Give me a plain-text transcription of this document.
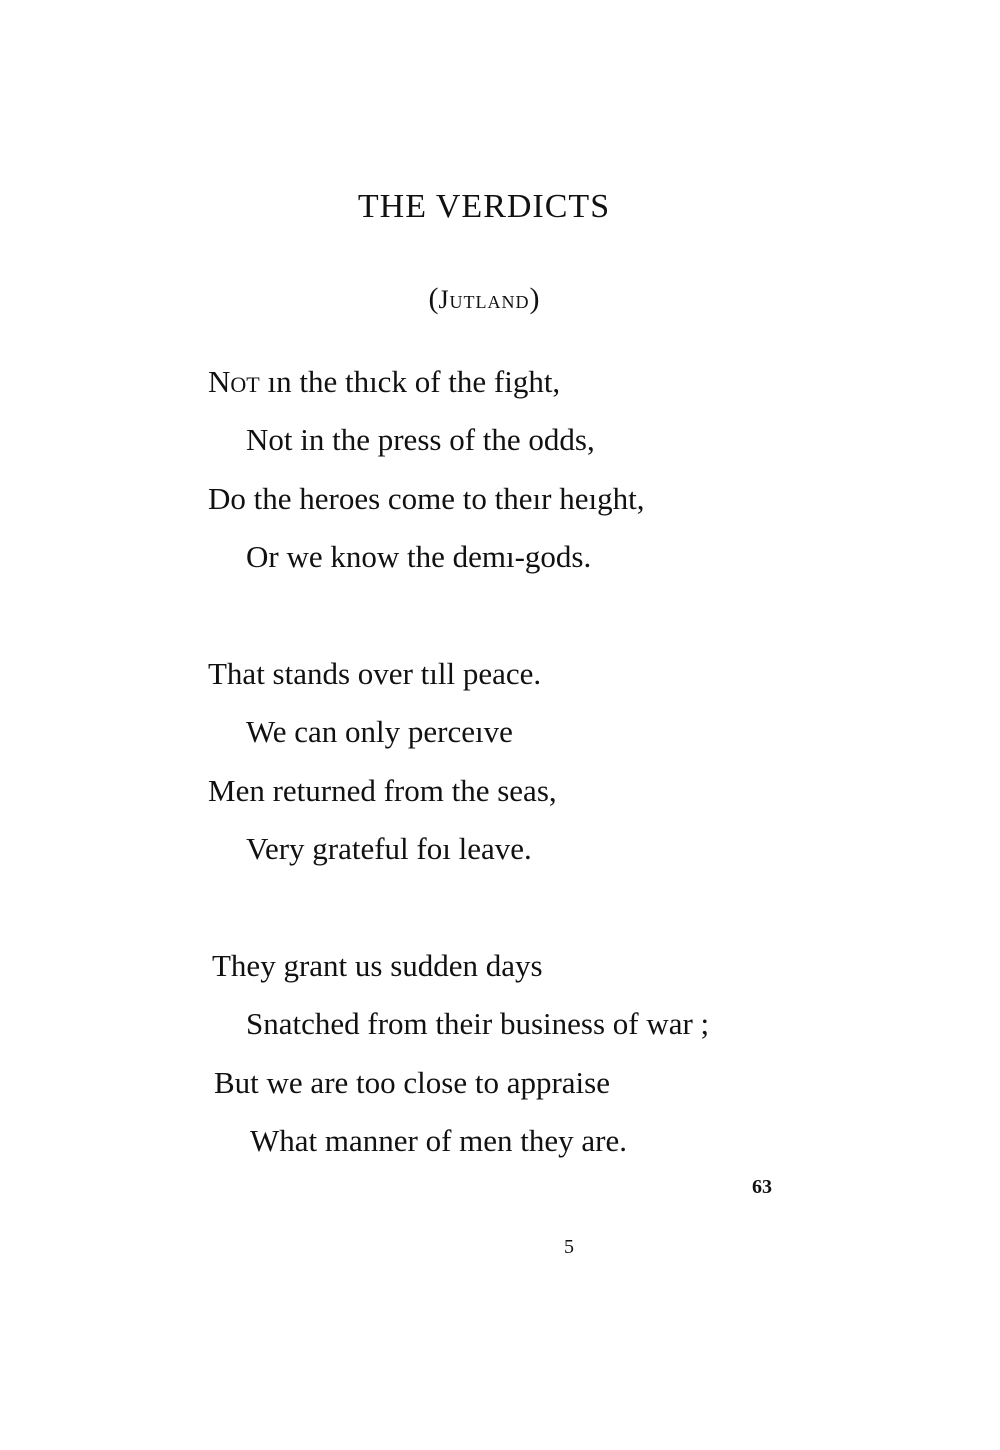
THE VERDICTS
(Jutland)
Not ın the thıck of the fight,
Not in the press of the odds,
Do the heroes come to theır heıght,
Or we know the demı-gods.
That stands over tıll peace.
We can only perceıve
Men returned from the seas,
Very grateful foı leave.
They grant us sudden days
Snatched from their business of war ;
But we are too close to appraise
What manner of men they are.
63
5
